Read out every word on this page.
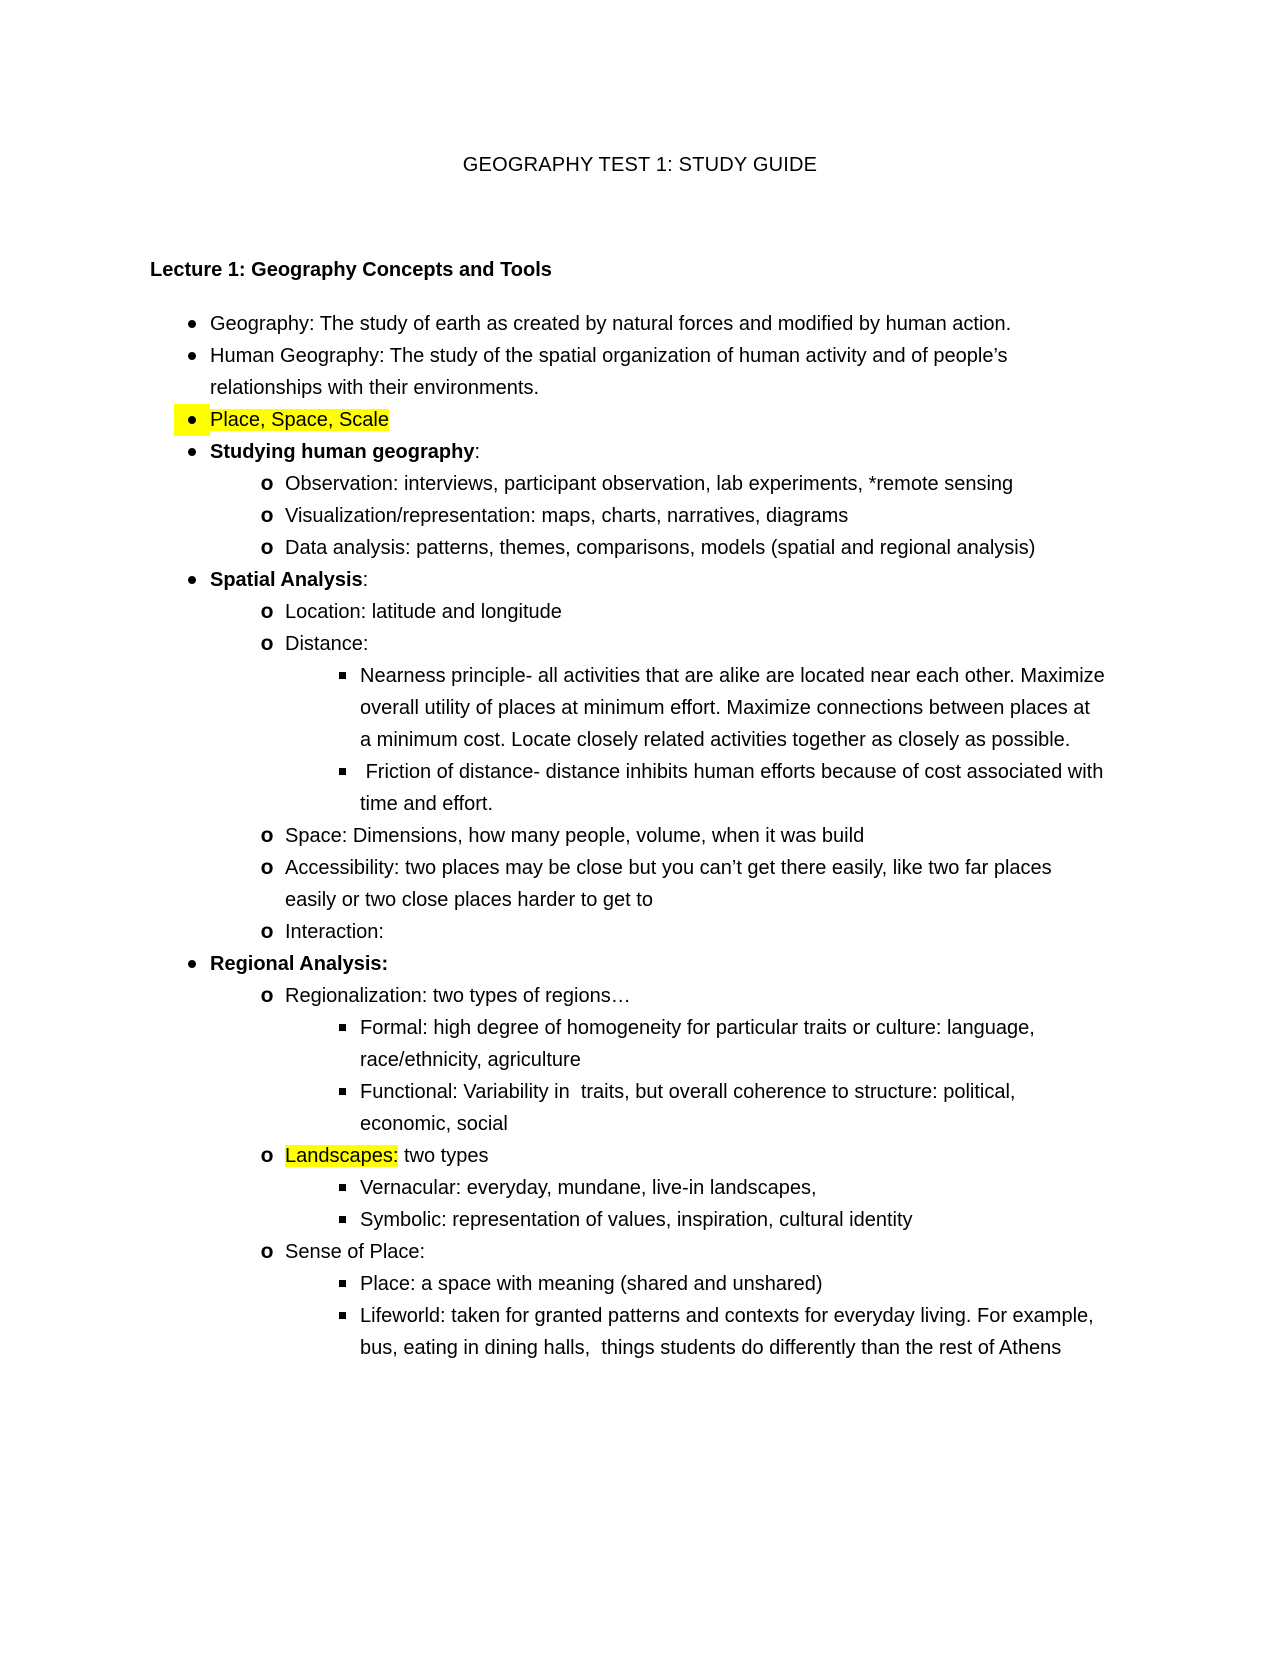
GEOGRAPHY TEST 1: STUDY GUIDE
Lecture 1: Geography Concepts and Tools
Geography: The study of earth as created by natural forces and modified by human action.
Human Geography: The study of the spatial organization of human activity and of people’s relationships with their environments.
Place, Space, Scale
Studying human geography:
o Observation: interviews, participant observation, lab experiments, *remote sensing
o Visualization/representation: maps, charts, narratives, diagrams
o Data analysis: patterns, themes, comparisons, models (spatial and regional analysis)
Spatial Analysis:
o Location: latitude and longitude
o Distance:
Nearness principle- all activities that are alike are located near each other. Maximize overall utility of places at minimum effort. Maximize connections between places at a minimum cost. Locate closely related activities together as closely as possible.
Friction of distance- distance inhibits human efforts because of cost associated with time and effort.
o Space: Dimensions, how many people, volume, when it was build
o Accessibility: two places may be close but you can’t get there easily, like two far places easily or two close places harder to get to
o Interaction:
Regional Analysis:
o Regionalization: two types of regions…
Formal: high degree of homogeneity for particular traits or culture: language, race/ethnicity, agriculture
Functional: Variability in  traits, but overall coherence to structure: political, economic, social
o Landscapes: two types
Vernacular: everyday, mundane, live-in landscapes,
Symbolic: representation of values, inspiration, cultural identity
o Sense of Place:
Place: a space with meaning (shared and unshared)
Lifeworld: taken for granted patterns and contexts for everyday living. For example, bus, eating in dining halls,  things students do differently than the rest of Athens
